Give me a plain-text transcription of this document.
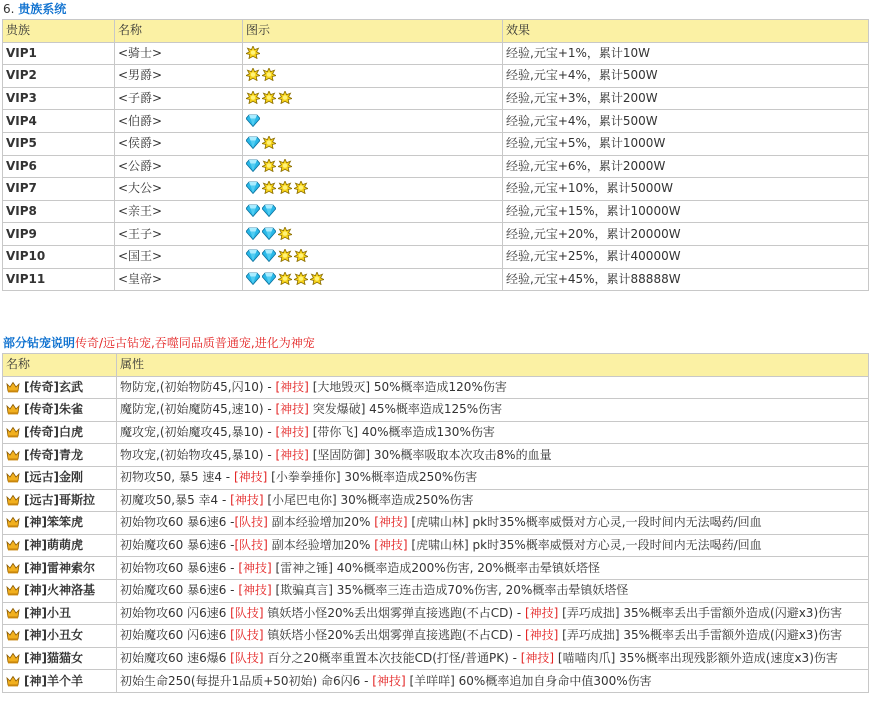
6. 贵族系统
贵族	名称	图示	效果
VIP1	<骑士>		经验,元宝+1%，累计10W
VIP2	<男爵>		经验,元宝+4%，累计500W
VIP3	<子爵>		经验,元宝+3%，累计200W
VIP4	<伯爵>		经验,元宝+4%，累计500W
VIP5	<侯爵>		经验,元宝+5%，累计1000W
VIP6	<公爵>		经验,元宝+6%，累计2000W
VIP7	<大公>		经验,元宝+10%，累计5000W
VIP8	<亲王>		经验,元宝+15%，累计10000W
VIP9	<王子>		经验,元宝+20%，累计20000W
VIP10	<国王>		经验,元宝+25%，累计40000W
VIP11	<皇帝>		经验,元宝+45%，累计88888W
部分钻宠说明传奇/远古钻宠,吞噬同品质普通宠,进化为神宠
名称	属性
[传奇]玄武	物防宠,(初始物防45,闪10) - [神技] [大地毁灭] 50%概率造成120%伤害
[传奇]朱雀	魔防宠,(初始魔防45,速10) - [神技] 突发爆破] 45%概率造成125%伤害
[传奇]白虎	魔攻宠,(初始魔攻45,暴10) - [神技] [带你飞] 40%概率造成130%伤害
[传奇]青龙	物攻宠,(初始物攻45,暴10) - [神技] [坚固防御] 30%概率吸取本次攻击8%的血量
[远古]金刚	初物攻50, 暴5 速4 - [神技] [小拳拳捶你] 30%概率造成250%伤害
[远古]哥斯拉	初魔攻50,暴5 幸4 - [神技] [小尾巴电你] 30%概率造成250%伤害
[神]笨笨虎	初始物攻60 暴6速6 -[队技] 副本经验增加20% [神技] [虎啸山林] pk时35%概率威慑对方心灵,一段时间内无法喝药/回血
[神]萌萌虎	初始魔攻60 暴6速6 -[队技] 副本经验增加20% [神技] [虎啸山林] pk时35%概率威慑对方心灵,一段时间内无法喝药/回血
[神]雷神索尔	初始物攻60 暴6速6 - [神技] [雷神之锤] 40%概率造成200%伤害, 20%概率击晕镇妖塔怪
[神]火神洛基	初始魔攻60 暴6速6 - [神技] [欺骗真言] 35%概率三连击造成70%伤害, 20%概率击晕镇妖塔怪
[神]小丑	初始物攻60 闪6速6 [队技] 镇妖塔小怪20%丢出烟雾弹直接逃跑(不占CD) - [神技] [弄巧成拙] 35%概率丢出手雷额外造成(闪避x3)伤害
[神]小丑女	初始魔攻60 闪6速6 [队技] 镇妖塔小怪20%丢出烟雾弹直接逃跑(不占CD) - [神技] [弄巧成拙] 35%概率丢出手雷额外造成(闪避x3)伤害
[神]猫猫女	初始魔攻60 速6爆6 [队技] 百分之20概率重置本次技能CD(打怪/普通PK) - [神技] [喵喵肉爪] 35%概率出现残影额外造成(速度x3)伤害
[神]羊个羊	初始生命250(每提升1品质+50初始) 命6闪6 - [神技] [羊咩咩] 60%概率追加自身命中值300%伤害
